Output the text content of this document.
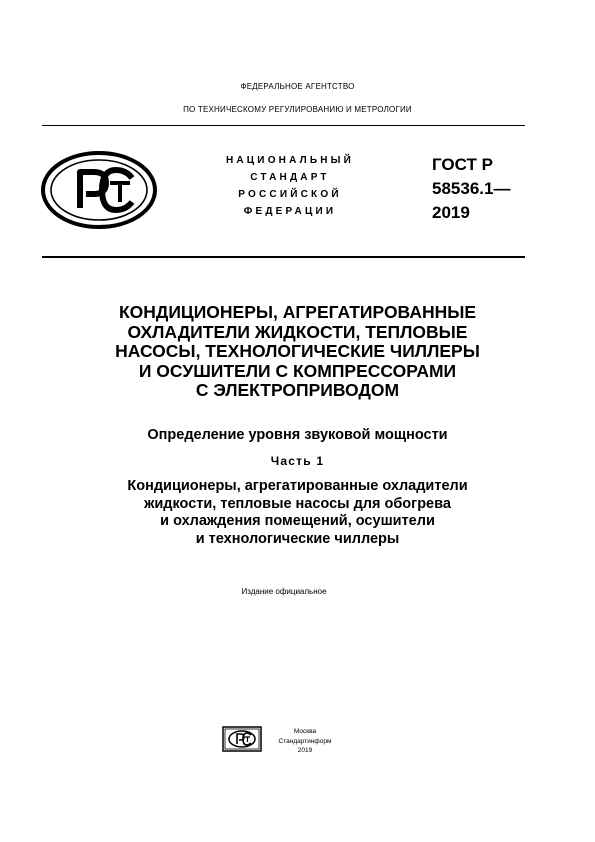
ФЕДЕРАЛЬНОЕ АГЕНТСТВО
ПО ТЕХНИЧЕСКОМУ РЕГУЛИРОВАНИЮ И МЕТРОЛОГИИ
НАЦИОНАЛЬНЫЙ
СТАНДАРТ
РОССИЙСКОЙ
ФЕДЕРАЦИИ
ГОСТ Р
58536.1—
2019
КОНДИЦИОНЕРЫ, АГРЕГАТИРОВАННЫЕ
ОХЛАДИТЕЛИ ЖИДКОСТИ, ТЕПЛОВЫЕ
НАСОСЫ, ТЕХНОЛОГИЧЕСКИЕ ЧИЛЛЕРЫ
И ОСУШИТЕЛИ С КОМПРЕССОРАМИ
С ЭЛЕКТРОПРИВОДОМ
Определение уровня звуковой мощности
Часть 1
Кондиционеры, агрегатированные охладители
жидкости, тепловые насосы для обогрева
и охлаждения помещений, осушители
и технологические чиллеры
Издание официальное
Москва
Стандартинформ
2019
